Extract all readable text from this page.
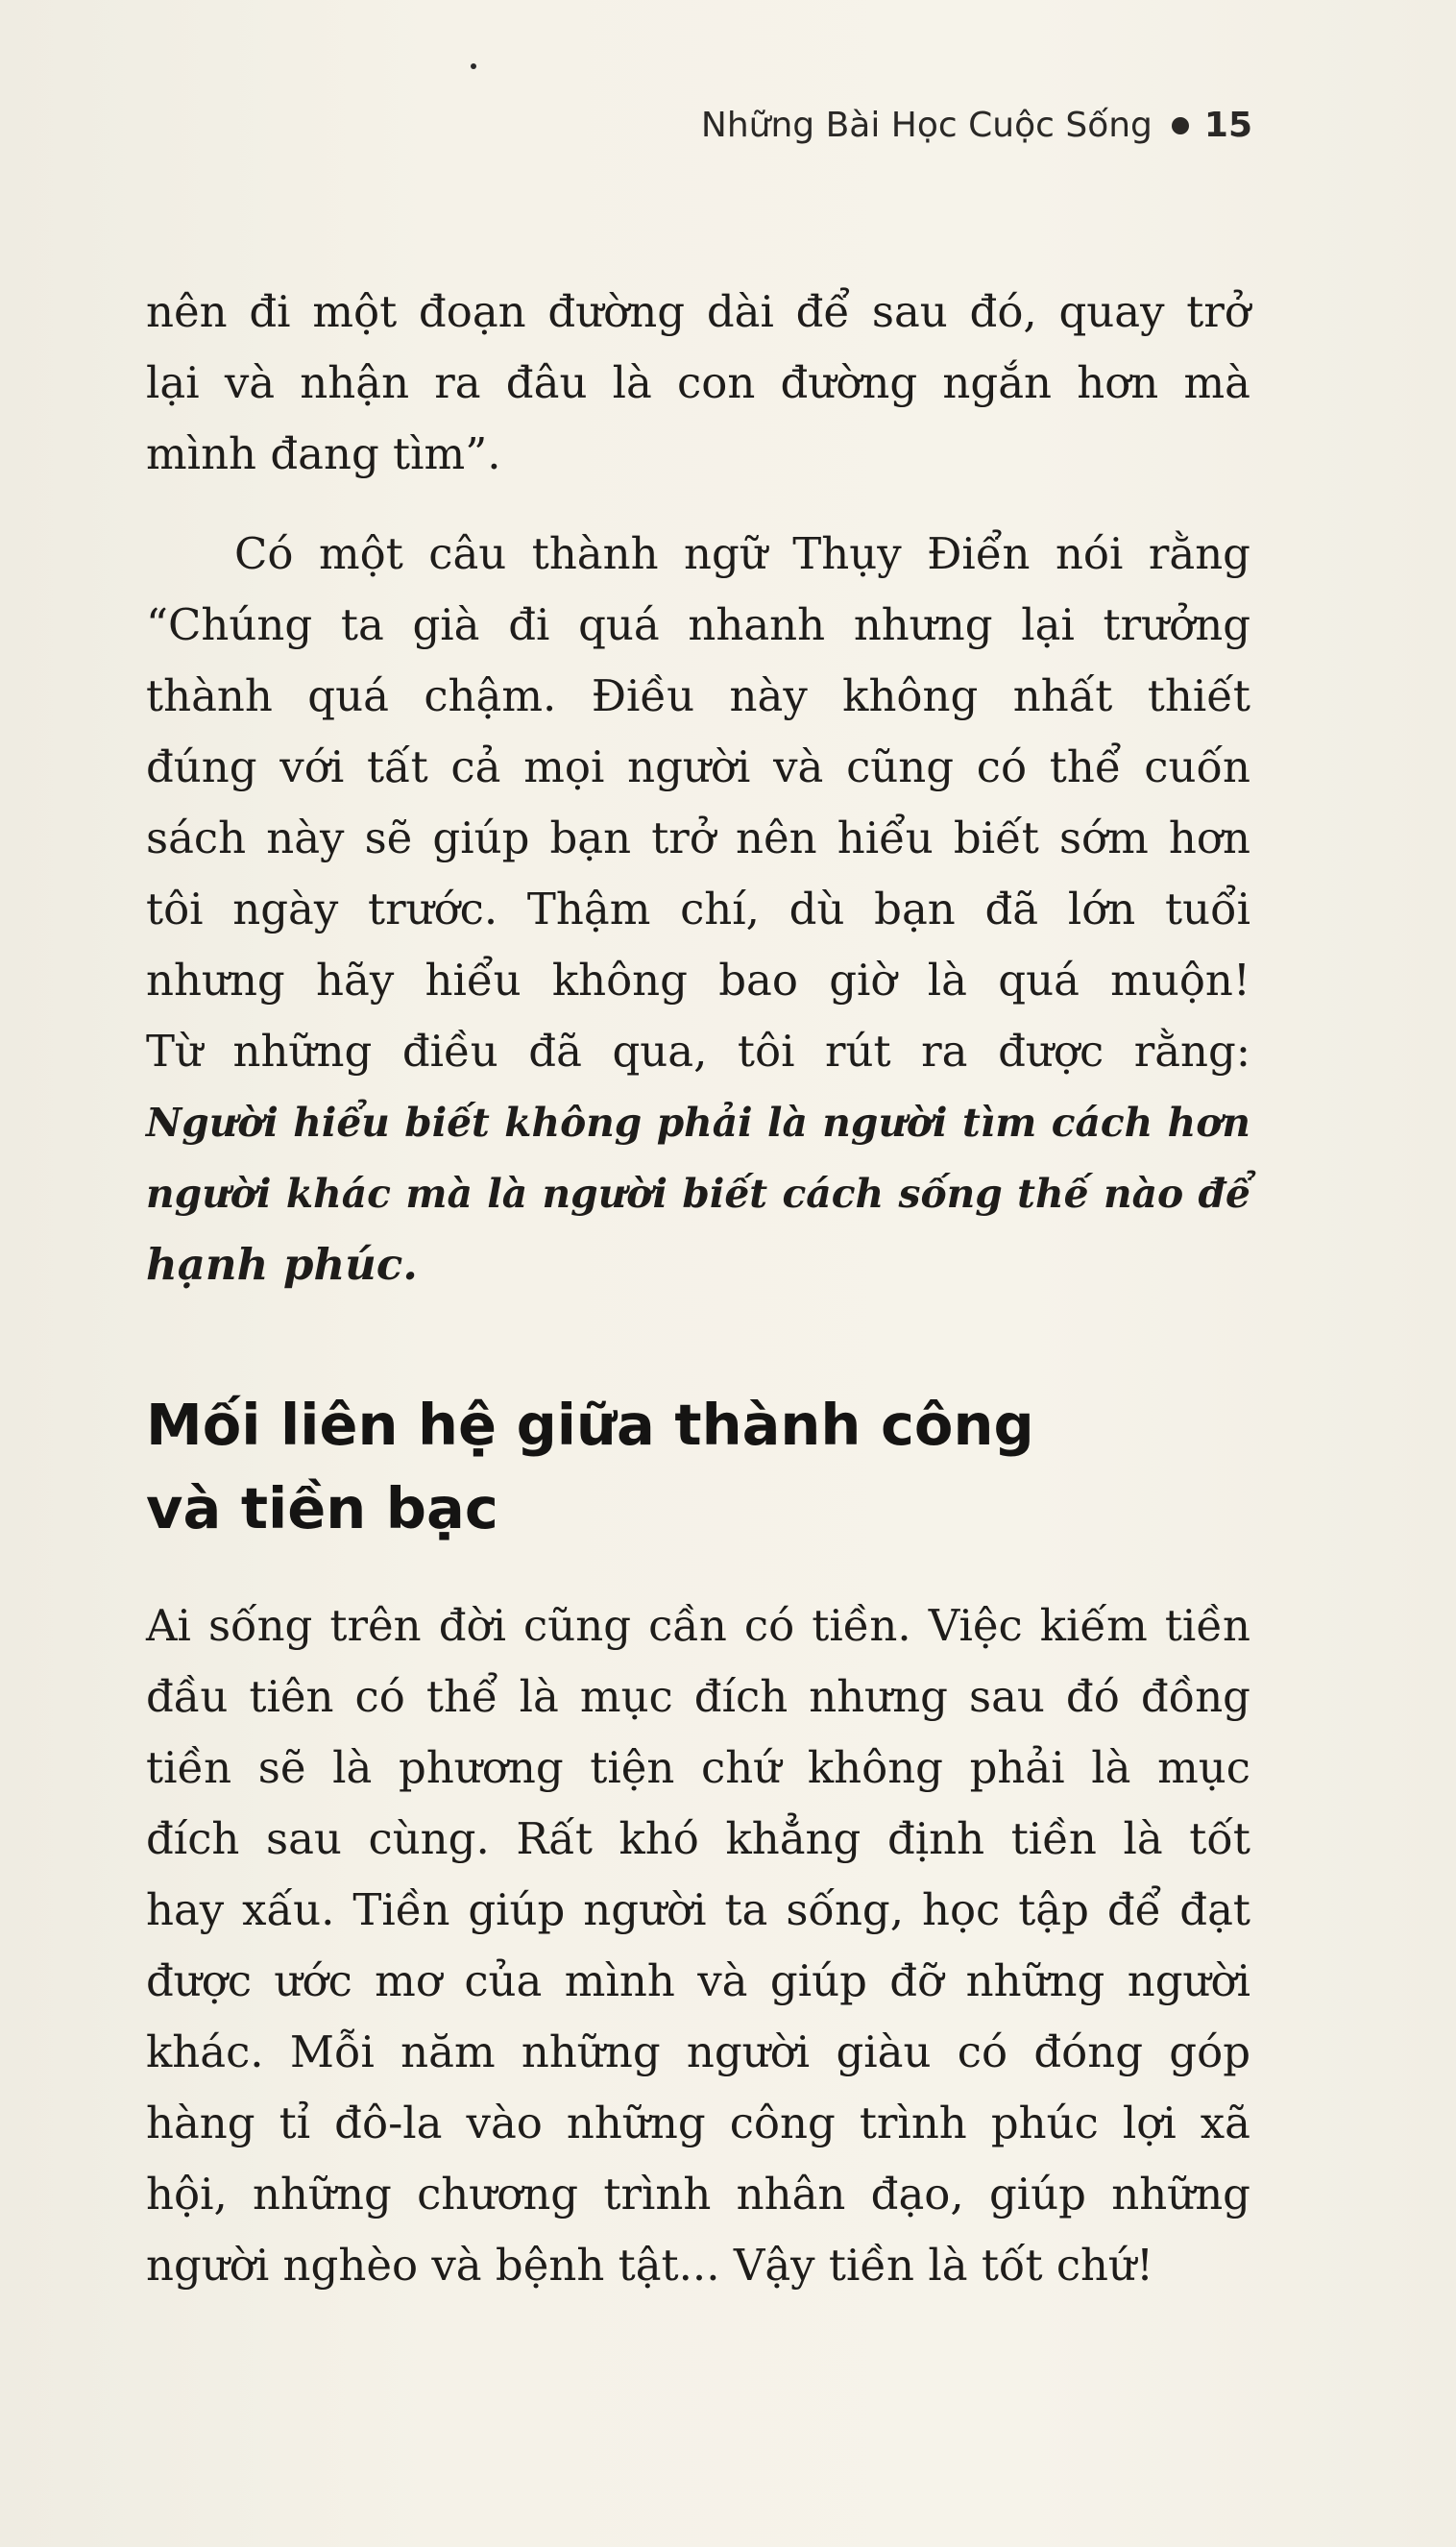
Những Bài Học Cuộc Sống 15
nên đi một đoạn đường dài để sau đó, quay trở
lại và nhận ra đâu là con đường ngắn hơn mà
mình đang tìm”.
Có một câu thành ngữ Thụy Điển nói rằng
“Chúng ta già đi quá nhanh nhưng lại trưởng
thành quá chậm. Điều này không nhất thiết
đúng với tất cả mọi người và cũng có thể cuốn
sách này sẽ giúp bạn trở nên hiểu biết sớm hơn
tôi ngày trước. Thậm chí, dù bạn đã lớn tuổi
nhưng hãy hiểu không bao giờ là quá muộn!
Từ những điều đã qua, tôi rút ra được rằng:
Người hiểu biết không phải là người tìm cách hơn
người khác mà là người biết cách sống thế nào để
hạnh phúc.
Mối liên hệ giữa thành công
và tiền bạc
Ai sống trên đời cũng cần có tiền. Việc kiếm tiền
đầu tiên có thể là mục đích nhưng sau đó đồng
tiền sẽ là phương tiện chứ không phải là mục
đích sau cùng. Rất khó khẳng định tiền là tốt
hay xấu. Tiền giúp người ta sống, học tập để đạt
được ước mơ của mình và giúp đỡ những người
khác. Mỗi năm những người giàu có đóng góp
hàng tỉ đô-la vào những công trình phúc lợi xã
hội, những chương trình nhân đạo, giúp những
người nghèo và bệnh tật... Vậy tiền là tốt chứ!
